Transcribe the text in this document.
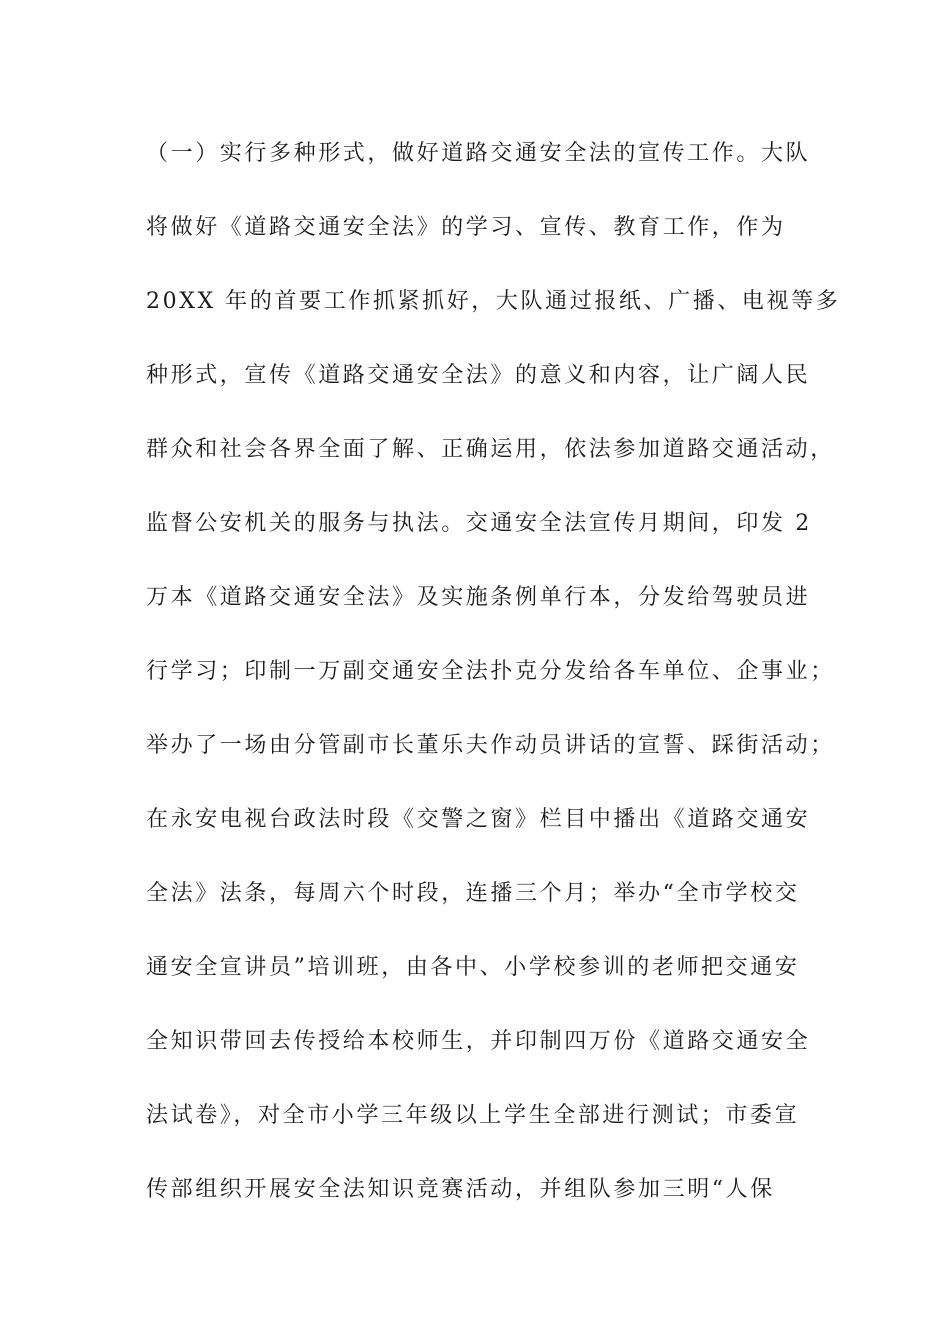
（一）实行多种形式，做好道路交通安全法的宣传工作。大队
将做好《道路交通安全法》的学习、宣传、教育工作，作为
20XX 年的首要工作抓紧抓好，大队通过报纸、广播、电视等多
种形式，宣传《道路交通安全法》的意义和内容，让广阔人民
群众和社会各界全面了解、正确运用，依法参加道路交通活动，
监督公安机关的服务与执法。交通安全法宣传月期间，印发 2
万本《道路交通安全法》及实施条例单行本，分发给驾驶员进
行学习；印制一万副交通安全法扑克分发给各车单位、企事业；
举办了一场由分管副市长董乐夫作动员讲话的宣誓、踩街活动；
在永安电视台政法时段《交警之窗》栏目中播出《道路交通安
全法》法条，每周六个时段，连播三个月；举办“全市学校交
通安全宣讲员”培训班，由各中、小学校参训的老师把交通安
全知识带回去传授给本校师生，并印制四万份《道路交通安全
法试卷》，对全市小学三年级以上学生全部进行测试；市委宣
传部组织开展安全法知识竞赛活动，并组队参加三明“人保
